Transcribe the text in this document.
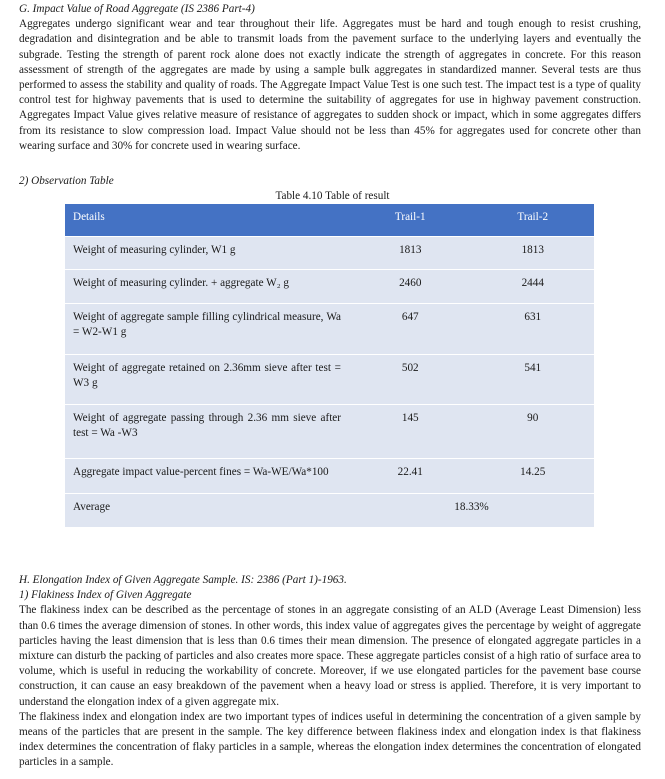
G. Impact Value of Road Aggregate (IS 2386 Part-4)

Aggregates undergo significant wear and tear throughout their life. Aggregates must be hard and tough enough to resist crushing, degradation and disintegration and be able to transmit loads from the pavement surface to the underlying layers and eventually the subgrade. Testing the strength of parent rock alone does not exactly indicate the strength of aggregates in concrete. For this reason assessment of strength of the aggregates are made by using a sample bulk aggregates in standardized manner. Several tests are thus performed to assess the stability and quality of roads. The Aggregate Impact Value Test is one such test. The impact test is a type of quality control test for highway pavements that is used to determine the suitability of aggregates for use in highway pavement construction. Aggregates Impact Value gives relative measure of resistance of aggregates to sudden shock or impact, which in some aggregates differs from its resistance to slow compression load. Impact Value should not be less than 45% for aggregates used for concrete other than wearing surface and 30% for concrete used in wearing surface.

2) Observation Table
Table 4.10 Table of result
Details	Trail-1	Trail-2
Weight of measuring cylinder, W1 g	1813	1813
Weight of measuring cylinder. + aggregate W₂ g	2460	2444
Weight of aggregate sample filling cylindrical measure, Wa = W2-W1 g	647	631
Weight of aggregate retained on 2.36mm sieve after test = W3 g	502	541
Weight of aggregate passing through 2.36 mm sieve after test = Wa -W3	145	90
Aggregate impact value-percent fines = Wa-WE/Wa*100	22.41	14.25
Average	18.33%	
H. Elongation Index of Given Aggregate Sample. IS: 2386 (Part 1)-1963.
1) Flakiness Index of Given Aggregate

The flakiness index can be described as the percentage of stones in an aggregate consisting of an ALD (Average Least Dimension) less than 0.6 times the average dimension of stones. In other words, this index value of aggregates gives the percentage by weight of aggregate particles having the least dimension that is less than 0.6 times their mean dimension. The presence of elongated aggregate particles in a mixture can disturb the packing of particles and also creates more space. These aggregate particles consist of a high ratio of surface area to volume, which is useful in reducing the workability of concrete. Moreover, if we use elongated particles for the pavement base course construction, it can cause an easy breakdown of the pavement when a heavy load or stress is applied. Therefore, it is very important to understand the elongation index of a given aggregate mix.

The flakiness index and elongation index are two important types of indices useful in determining the concentration of a given sample by means of the particles that are present in the sample. The key difference between flakiness index and elongation index is that flakiness index determines the concentration of flaky particles in a sample, whereas the elongation index determines the concentration of elongated particles in a sample.
